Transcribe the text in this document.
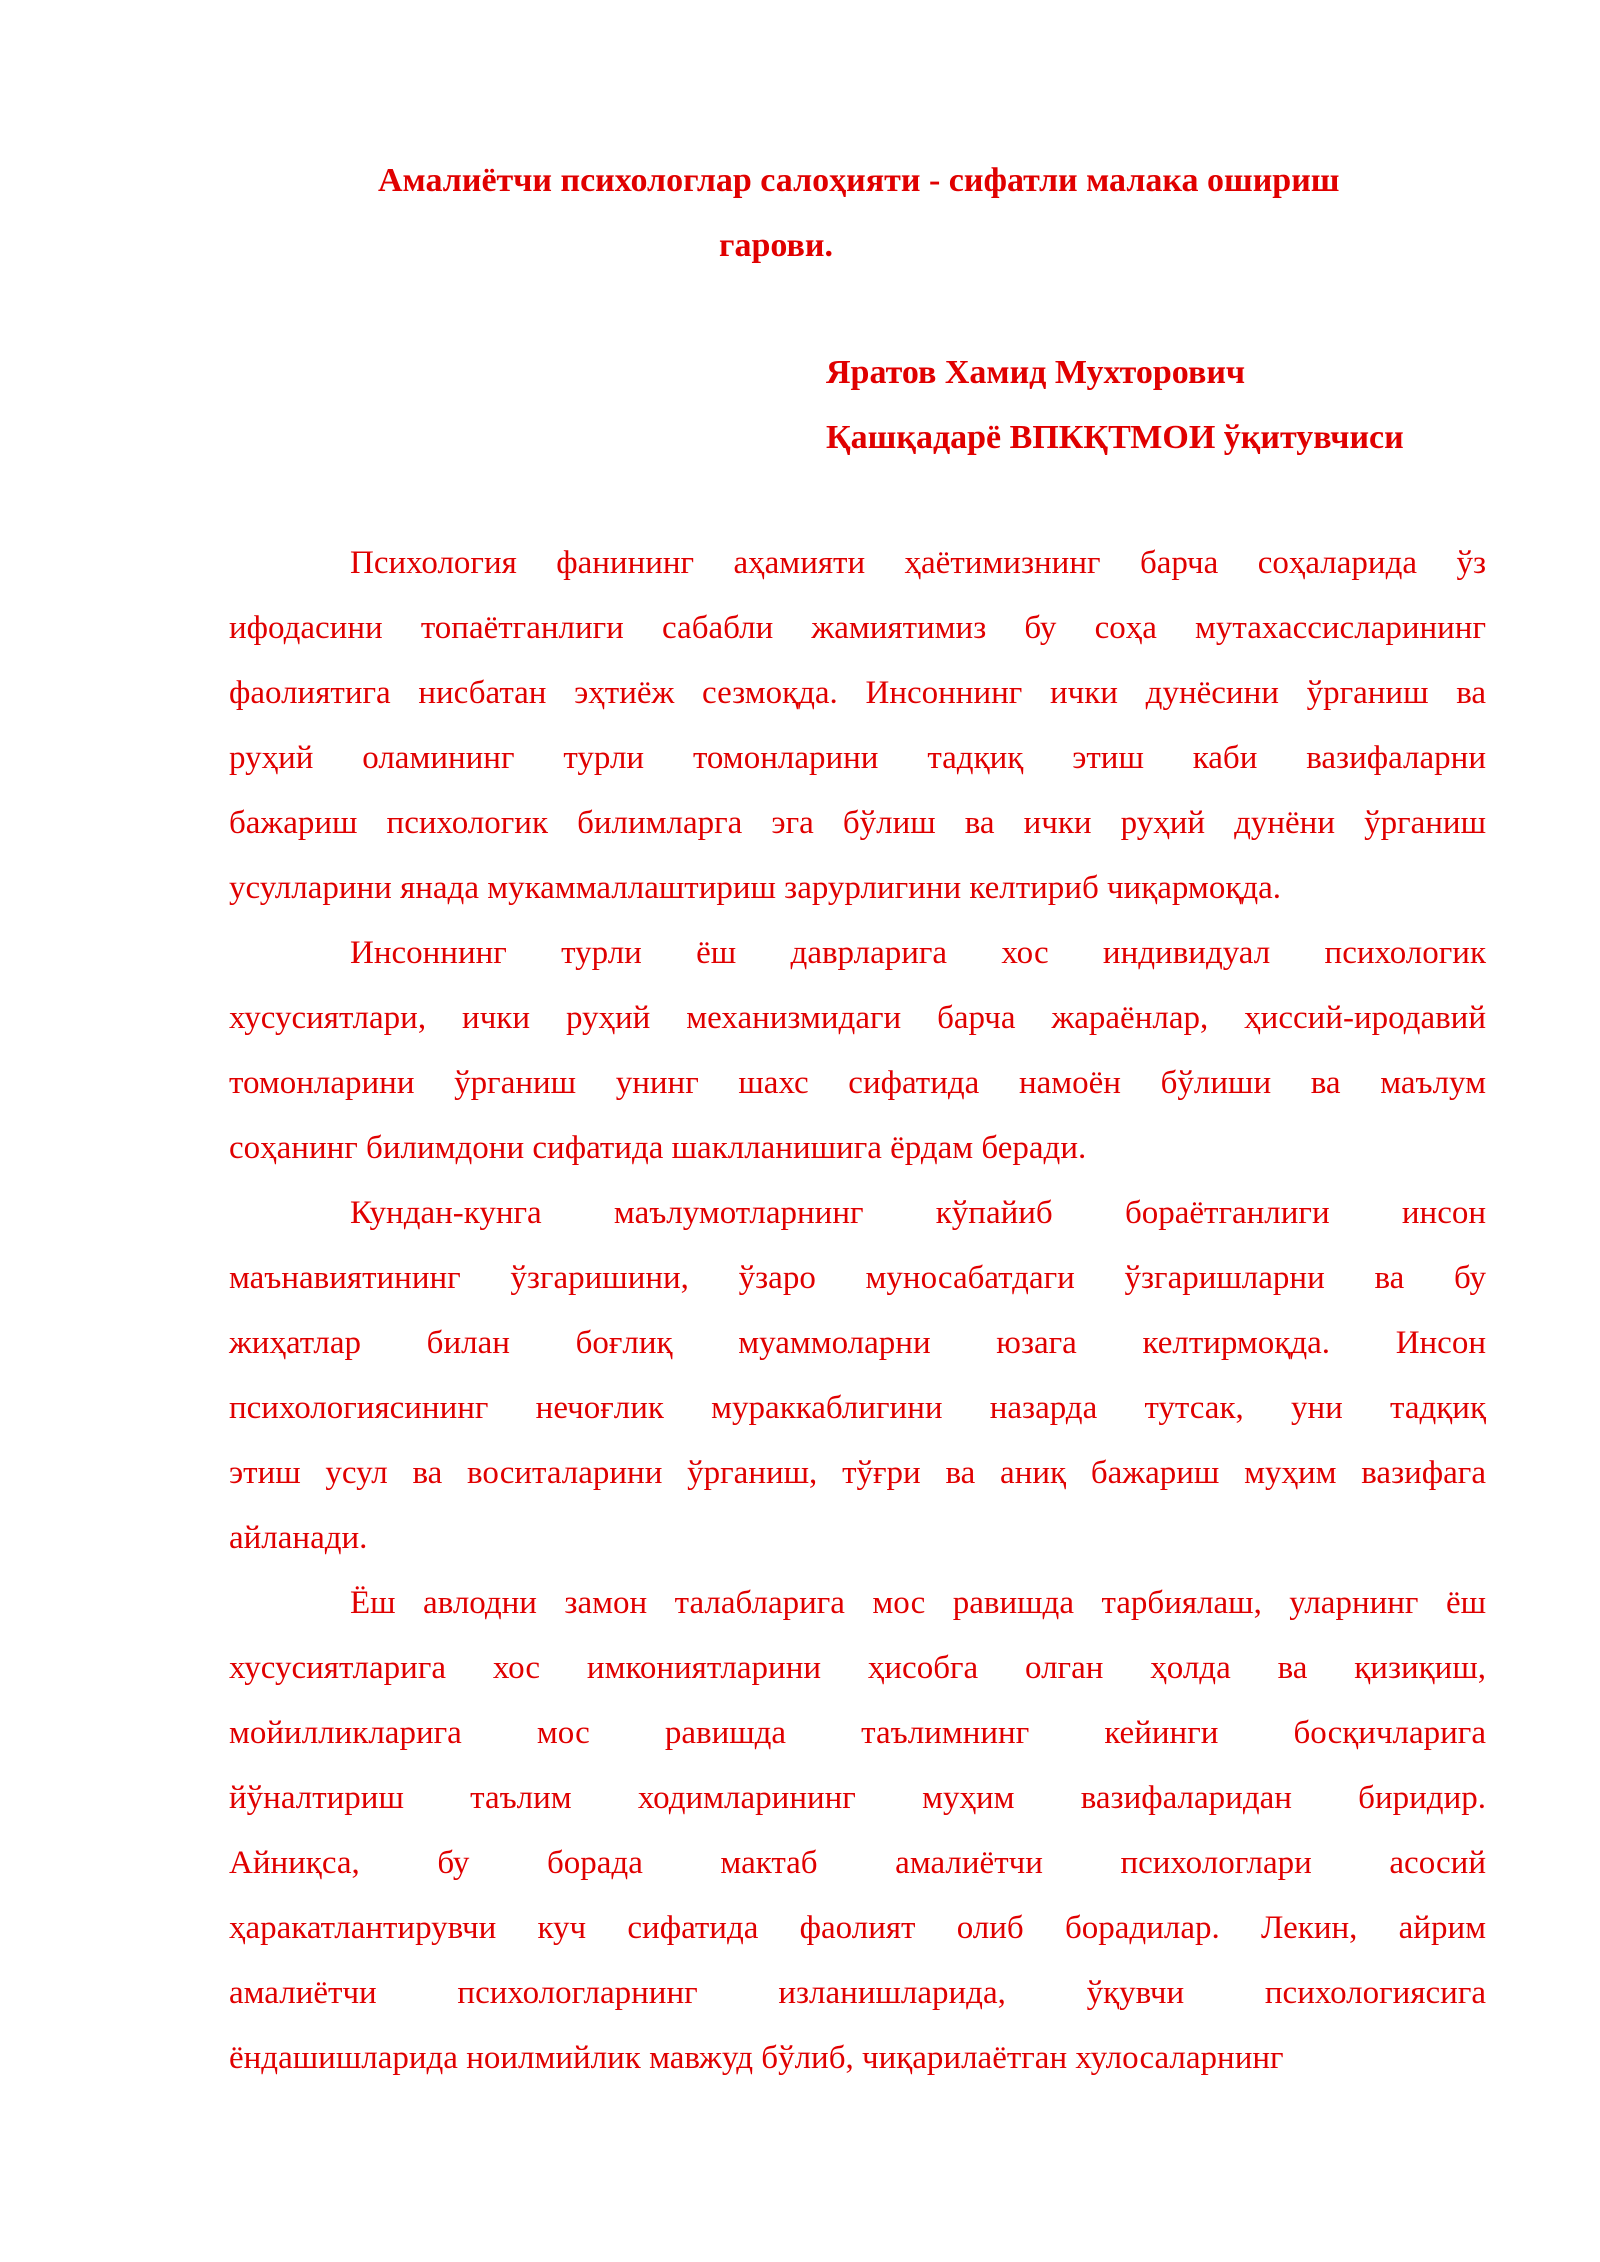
Амалиётчи психологлар салоҳияти - сифатли малака ошириш
гарови.
Яратов Хамид Мухторович
Қашқадарё ВПКҚТМОИ ўқитувчиси
Психология фанининг аҳамияти ҳаётимизнинг барча соҳаларида ўз
ифодасини топаётганлиги сабабли жамиятимиз бу соҳа мутахассисларининг
фаолиятига нисбатан эҳтиёж сезмоқда. Инсоннинг ички дунёсини ўрганиш ва
руҳий оламининг турли томонларини тадқиқ этиш каби вазифаларни
бажариш психологик билимларга эга бўлиш ва ички руҳий дунёни ўрганиш
усулларини янада мукаммаллаштириш зарурлигини келтириб чиқармоқда.
Инсоннинг турли ёш даврларига хос индивидуал психологик
хусусиятлари, ички руҳий механизмидаги барча жараёнлар, ҳиссий-иродавий
томонларини ўрганиш унинг шахс сифатида намоён бўлиши ва маълум
соҳанинг билимдони сифатида шаклланишига ёрдам беради.
Кундан-кунга маълумотларнинг кўпайиб бораётганлиги инсон
маънавиятининг ўзгаришини, ўзаро муносабатдаги ўзгаришларни ва бу
жиҳатлар билан боғлиқ муаммоларни юзага келтирмоқда. Инсон
психологиясининг нечоғлик мураккаблигини назарда тутсак, уни тадқиқ
этиш усул ва воситаларини ўрганиш, тўғри ва аниқ бажариш муҳим вазифага
айланади.
Ёш авлодни замон талабларига мос равишда тарбиялаш, уларнинг ёш
хусусиятларига хос имкониятларини ҳисобга олган ҳолда ва қизиқиш,
мойилликларига мос равишда таълимнинг кейинги босқичларига
йўналтириш таълим ходимларининг муҳим вазифаларидан биридир.
Айниқса, бу борада мактаб амалиётчи психологлари асосий
ҳаракатлантирувчи куч сифатида фаолият олиб борадилар. Лекин, айрим
амалиётчи психологларнинг изланишларида, ўқувчи психологиясига
ёндашишларида ноилмийлик мавжуд бўлиб, чиқарилаётган хулосаларнинг
